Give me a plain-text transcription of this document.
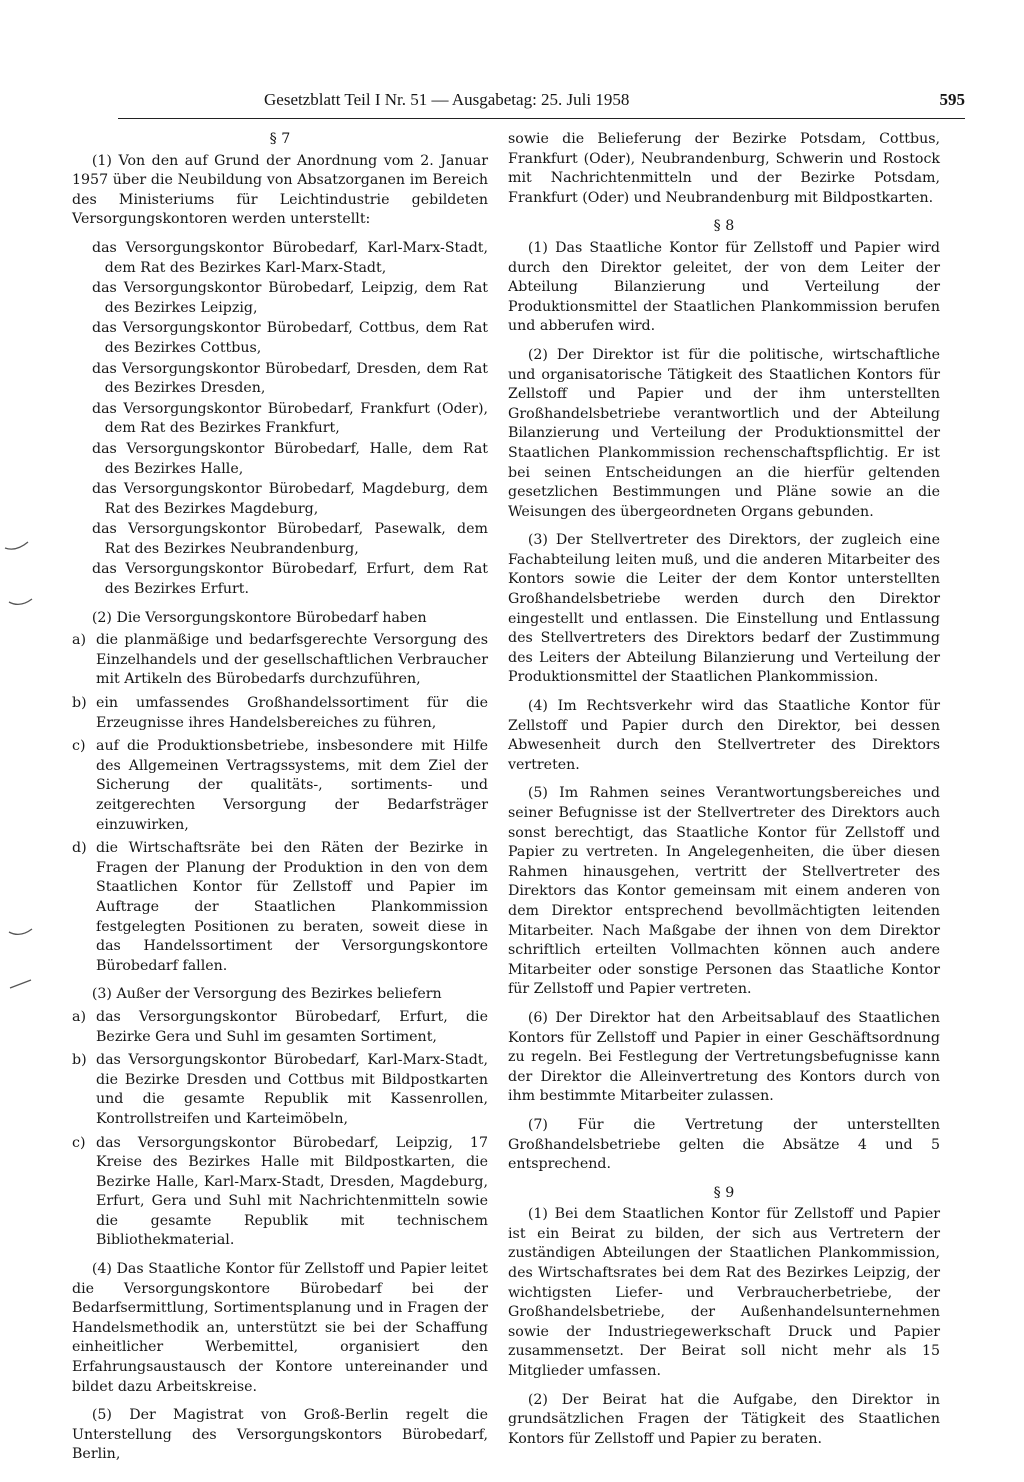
Gesetzblatt Teil I Nr. 51 — Ausgabetag: 25. Juli 1958	595
§ 7
(1) Von den auf Grund der Anordnung vom 2. Januar 1957 über die Neubildung von Absatzorganen im Bereich des Ministeriums für Leichtindustrie gebildeten Versorgungskontoren werden unterstellt:
das Versorgungskontor Bürobedarf, Karl-Marx-Stadt, dem Rat des Bezirkes Karl-Marx-Stadt,
das Versorgungskontor Bürobedarf, Leipzig, dem Rat des Bezirkes Leipzig,
das Versorgungskontor Bürobedarf, Cottbus, dem Rat des Bezirkes Cottbus,
das Versorgungskontor Bürobedarf, Dresden, dem Rat des Bezirkes Dresden,
das Versorgungskontor Bürobedarf, Frankfurt (Oder), dem Rat des Bezirkes Frankfurt,
das Versorgungskontor Bürobedarf, Halle, dem Rat des Bezirkes Halle,
das Versorgungskontor Bürobedarf, Magdeburg, dem Rat des Bezirkes Magdeburg,
das Versorgungskontor Bürobedarf, Pasewalk, dem Rat des Bezirkes Neubrandenburg,
das Versorgungskontor Bürobedarf, Erfurt, dem Rat des Bezirkes Erfurt.
(2) Die Versorgungskontore Bürobedarf haben
a) die planmäßige und bedarfsgerechte Versorgung des Einzelhandels und der gesellschaftlichen Verbraucher mit Artikeln des Bürobedarfs durchzuführen,
b) ein umfassendes Großhandelssortiment für die Erzeugnisse ihres Handelsbereiches zu führen,
c) auf die Produktionsbetriebe, insbesondere mit Hilfe des Allgemeinen Vertragssystems, mit dem Ziel der Sicherung der qualitäts-, sortiments- und zeitgerechten Versorgung der Bedarfsträger einzuwirken,
d) die Wirtschaftsräte bei den Räten der Bezirke in Fragen der Planung der Produktion in den von dem Staatlichen Kontor für Zellstoff und Papier im Auftrage der Staatlichen Plankommission festgelegten Positionen zu beraten, soweit diese in das Handelssortiment der Versorgungskontore Bürobedarf fallen.
(3) Außer der Versorgung des Bezirkes beliefern
a) das Versorgungskontor Bürobedarf, Erfurt, die Bezirke Gera und Suhl im gesamten Sortiment,
b) das Versorgungskontor Bürobedarf, Karl-Marx-Stadt, die Bezirke Dresden und Cottbus mit Bildpostkarten und die gesamte Republik mit Kassenrollen, Kontrollstreifen und Karteimöbeln,
c) das Versorgungskontor Bürobedarf, Leipzig, 17 Kreise des Bezirkes Halle mit Bildpostkarten, die Bezirke Halle, Karl-Marx-Stadt, Dresden, Magdeburg, Erfurt, Gera und Suhl mit Nachrichtenmitteln sowie die gesamte Republik mit technischem Bibliothekmaterial.
(4) Das Staatliche Kontor für Zellstoff und Papier leitet die Versorgungskontore Bürobedarf bei der Bedarfsermittlung, Sortimentsplanung und in Fragen der Handelsmethodik an, unterstützt sie bei der Schaffung einheitlicher Werbemittel, organisiert den Erfahrungsaustausch der Kontore untereinander und bildet dazu Arbeitskreise.
(5) Der Magistrat von Groß-Berlin regelt die Unterstellung des Versorgungskontors Bürobedarf, Berlin,
sowie die Belieferung der Bezirke Potsdam, Cottbus, Frankfurt (Oder), Neubrandenburg, Schwerin und Rostock mit Nachrichtenmitteln und der Bezirke Potsdam, Frankfurt (Oder) und Neubrandenburg mit Bildpostkarten.
§ 8
(1) Das Staatliche Kontor für Zellstoff und Papier wird durch den Direktor geleitet, der von dem Leiter der Abteilung Bilanzierung und Verteilung der Produktionsmittel der Staatlichen Plankommission berufen und abberufen wird.
(2) Der Direktor ist für die politische, wirtschaftliche und organisatorische Tätigkeit des Staatlichen Kontors für Zellstoff und Papier und der ihm unterstellten Großhandelsbetriebe verantwortlich und der Abteilung Bilanzierung und Verteilung der Produktionsmittel der Staatlichen Plankommission rechenschaftspflichtig. Er ist bei seinen Entscheidungen an die hierfür geltenden gesetzlichen Bestimmungen und Pläne sowie an die Weisungen des übergeordneten Organs gebunden.
(3) Der Stellvertreter des Direktors, der zugleich eine Fachabteilung leiten muß, und die anderen Mitarbeiter des Kontors sowie die Leiter der dem Kontor unterstellten Großhandelsbetriebe werden durch den Direktor eingestellt und entlassen. Die Einstellung und Entlassung des Stellvertreters des Direktors bedarf der Zustimmung des Leiters der Abteilung Bilanzierung und Verteilung der Produktionsmittel der Staatlichen Plankommission.
(4) Im Rechtsverkehr wird das Staatliche Kontor für Zellstoff und Papier durch den Direktor, bei dessen Abwesenheit durch den Stellvertreter des Direktors vertreten.
(5) Im Rahmen seines Verantwortungsbereiches und seiner Befugnisse ist der Stellvertreter des Direktors auch sonst berechtigt, das Staatliche Kontor für Zellstoff und Papier zu vertreten. In Angelegenheiten, die über diesen Rahmen hinausgehen, vertritt der Stellvertreter des Direktors das Kontor gemeinsam mit einem anderen von dem Direktor entsprechend bevollmächtigten leitenden Mitarbeiter. Nach Maßgabe der ihnen von dem Direktor schriftlich erteilten Vollmachten können auch andere Mitarbeiter oder sonstige Personen das Staatliche Kontor für Zellstoff und Papier vertreten.
(6) Der Direktor hat den Arbeitsablauf des Staatlichen Kontors für Zellstoff und Papier in einer Geschäftsordnung zu regeln. Bei Festlegung der Vertretungsbefugnisse kann der Direktor die Alleinvertretung des Kontors durch von ihm bestimmte Mitarbeiter zulassen.
(7) Für die Vertretung der unterstellten Großhandelsbetriebe gelten die Absätze 4 und 5 entsprechend.
§ 9
(1) Bei dem Staatlichen Kontor für Zellstoff und Papier ist ein Beirat zu bilden, der sich aus Vertretern der zuständigen Abteilungen der Staatlichen Plankommission, des Wirtschaftsrates bei dem Rat des Bezirkes Leipzig, der wichtigsten Liefer- und Verbraucherbetriebe, der Großhandelsbetriebe, der Außenhandelsunternehmen sowie der Industriegewerkschaft Druck und Papier zusammensetzt. Der Beirat soll nicht mehr als 15 Mitglieder umfassen.
(2) Der Beirat hat die Aufgabe, den Direktor in grundsätzlichen Fragen der Tätigkeit des Staatlichen Kontors für Zellstoff und Papier zu beraten.
